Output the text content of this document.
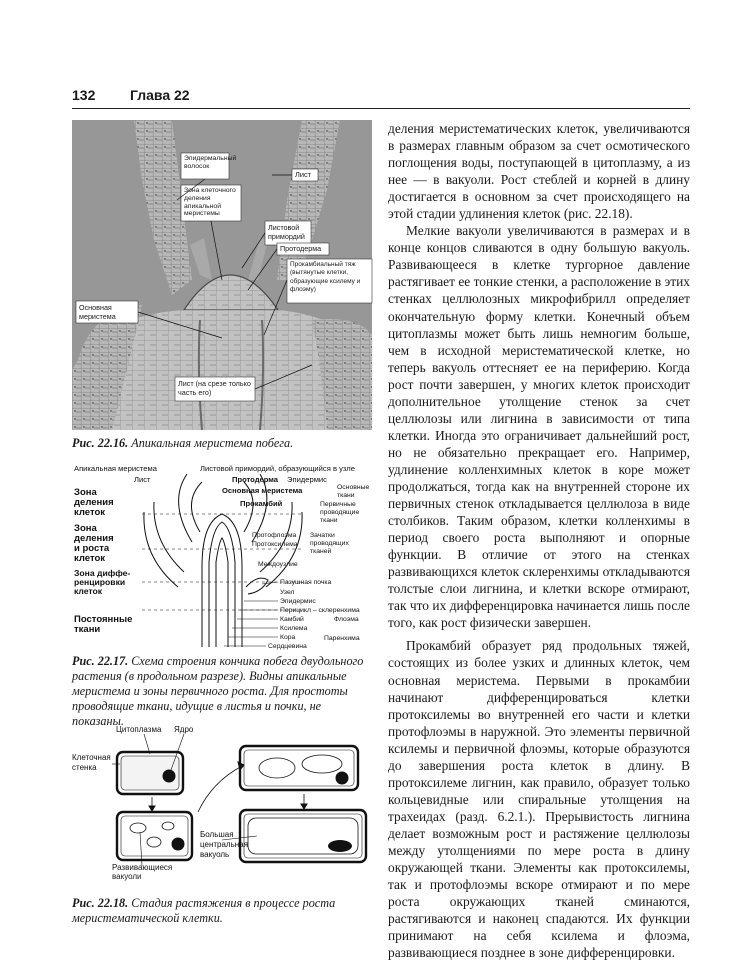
132 Глава 22
Эпидермальный волосок
Лист
Зона клеточного деления апикальной меристемы
Листовой примордий
Протодерма
Прокамбиальный тяж (вытянутые клетки, образующие ксилему и флоэму)
Основная меристема
Лист (на срезе только часть его)
Рис. 22.16. Апикальная меристема побега.
Зона деления клеток
Зона деления и роста клеток
Зона диффе-ренцировки клеток
Постоянные ткани
Апикальная меристема
Лист
Листовой примордий, образующийся в узле
Протодерма Эпидермис
Основная меристема	Основные ткани
Прокамбий	Первичные проводящие ткани
Протофлоэма
Протоксилема
Зачатки проводящих тканей
Междоузлие
Пазушная почка
Узел
Эпидермис
Перицикл – склеренхима
Флоэма
Камбий
Ксилема
Кора
Сердцевина
Паренхима
Рис. 22.17. Схема строения кончика побега двудольного растения (в продольном разрезе). Видны апикальные меристема и зоны первичного роста. Для простоты проводящие ткани, идущие в листья и почки, не показаны.
Цитоплазма Ядро
Клеточная стенка
Большая центральная вакуоль
Развивающиеся
вакуоли
Рис. 22.18. Стадия растяжения в процессе роста меристематической клетки.

деления меристематических клеток, увеличиваются в размерах главным образом за счет осмотического поглощения воды, поступающей в цитоплазму, а из нее — в вакуоли. Рост стеблей и корней в длину достигается в основном за счет происходящего на этой стадии удлинения клеток (рис. 22.18).

Мелкие вакуоли увеличиваются в размерах и в конце концов сливаются в одну большую вакуоль. Развивающееся в клетке тургорное давление растягивает ее тонкие стенки, а расположение в этих стенках целлюлозных микрофибрилл определяет окончательную форму клетки. Конечный объем цитоплазмы может быть лишь немногим больше, чем в исходной меристематической клетке, но теперь вакуоль оттесняет ее на периферию. Когда рост почти завершен, у многих клеток происходит дополнительное утолщение стенок за счет целлюлозы или лигнина в зависимости от типа клетки. Иногда это ограничивает дальнейший рост, но не обязательно прекращает его. Например, удлинение колленхимных клеток в коре может продолжаться, тогда как на внутренней стороне их первичных стенок откладывается целлюлоза в виде столбиков. Таким образом, клетки колленхимы в период своего роста выполняют и опорные функции. В отличие от этого на стенках развивающихся клеток склеренхимы откладываются толстые слои лигнина, и клетки вскоре отмирают, так что их дифференцировка начинается лишь после того, как рост физически завершен.

Прокамбий образует ряд продольных тяжей, состоящих из более узких и длинных клеток, чем основная меристема. Первыми в прокамбии начинают дифференцироваться клетки протоксилемы во внутренней его части и клетки протофлоэмы в наружной. Это элементы первичной ксилемы и первичной флоэмы, которые образуются до завершения роста клеток в длину. В протоксилеме лигнин, как правило, образует только кольцевидные или спиральные утолщения на трахеидах (разд. 6.2.1.). Прерывистость лигнина делает возможным рост и растяжение целлюлозы между утолщениями по мере роста в длину окружающей ткани. Элементы как протоксилемы, так и протофлоэмы вскоре отмирают и по мере роста окружающих тканей сминаются, растягиваются и наконец спадаются. Их функции принимают на себя ксилема и флоэма, развивающиеся позднее в зоне дифференцировки.
